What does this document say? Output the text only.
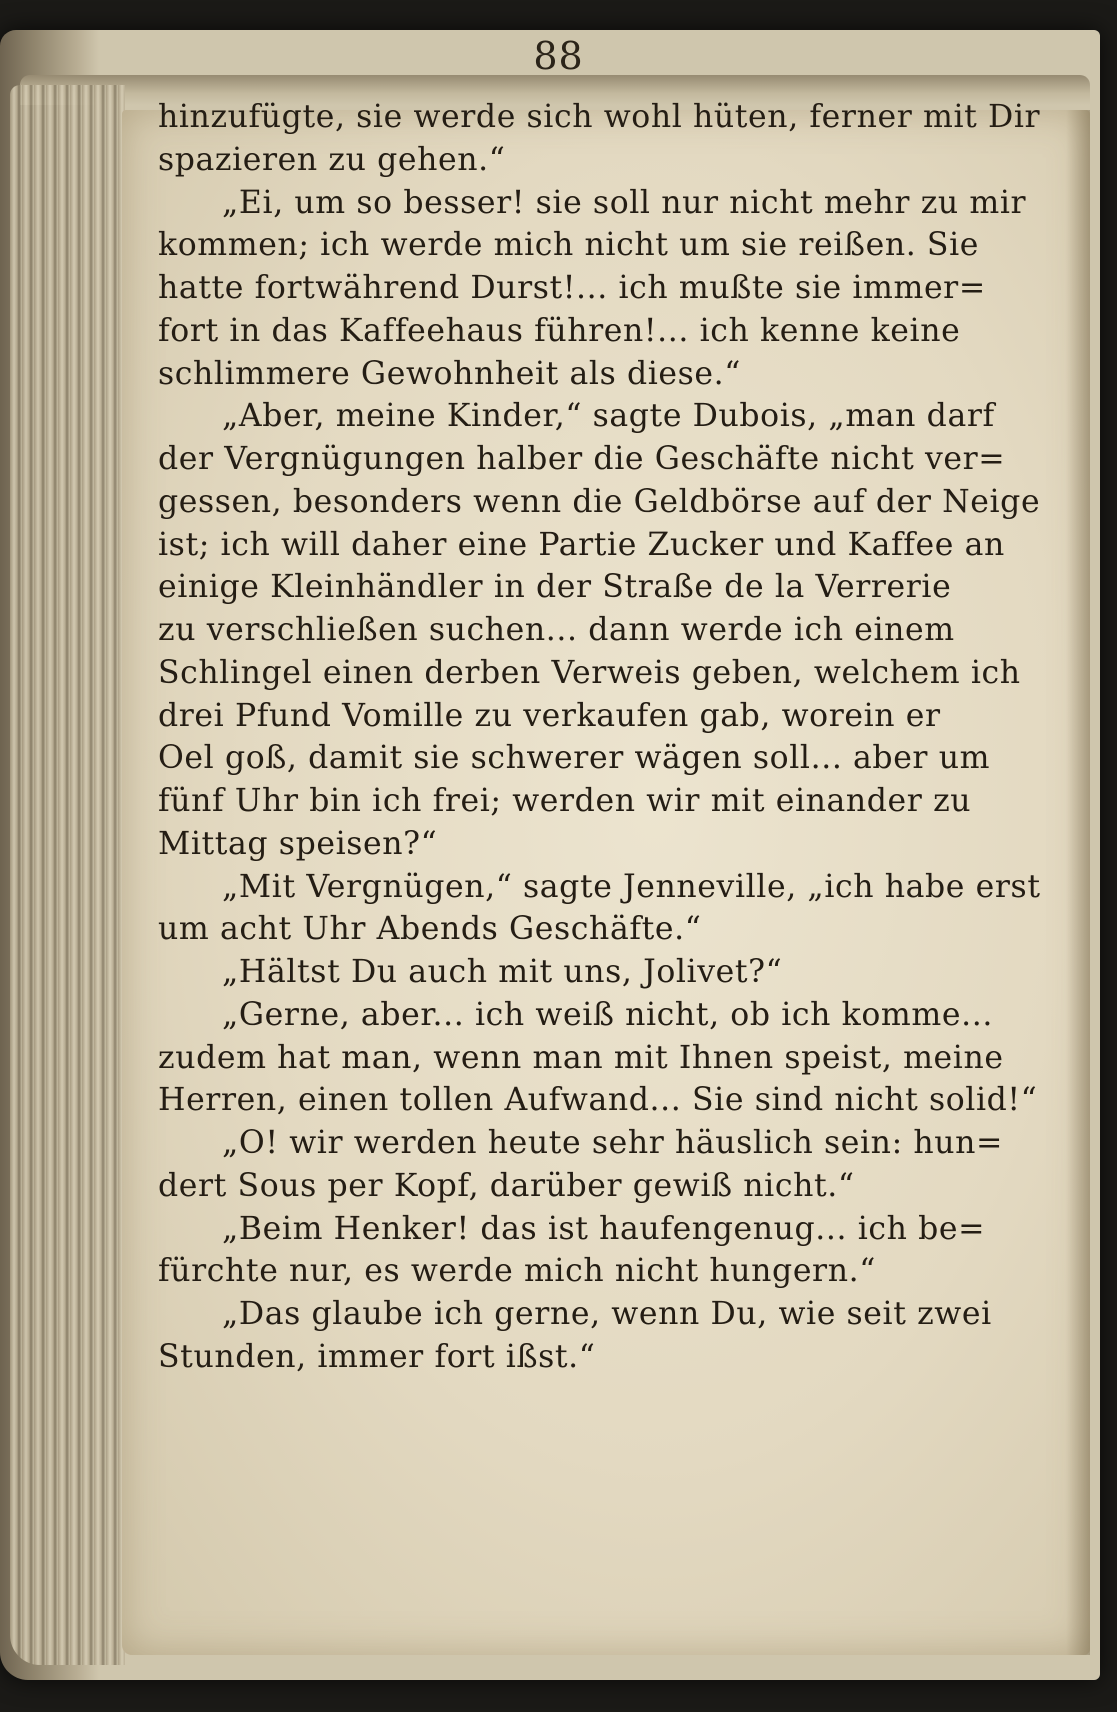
88
hinzufügte, sie werde sich wohl hüten, ferner mit Dir
spazieren zu gehen.“
„Ei, um so besser! sie soll nur nicht mehr zu mir
kommen; ich werde mich nicht um sie reißen. Sie
hatte fortwährend Durst!... ich mußte sie immer=
fort in das Kaffeehaus führen!... ich kenne keine
schlimmere Gewohnheit als diese.“
„Aber, meine Kinder,“ sagte Dubois, „man darf
der Vergnügungen halber die Geschäfte nicht ver=
gessen, besonders wenn die Geldbörse auf der Neige
ist; ich will daher eine Partie Zucker und Kaffee an
einige Kleinhändler in der Straße de la Verrerie
zu verschließen suchen... dann werde ich einem
Schlingel einen derben Verweis geben, welchem ich
drei Pfund Vomille zu verkaufen gab, worein er
Oel goß, damit sie schwerer wägen soll... aber um
fünf Uhr bin ich frei; werden wir mit einander zu
Mittag speisen?“
„Mit Vergnügen,“ sagte Jenneville, „ich habe erst
um acht Uhr Abends Geschäfte.“
„Hältst Du auch mit uns, Jolivet?“
„Gerne, aber... ich weiß nicht, ob ich komme...
zudem hat man, wenn man mit Ihnen speist, meine
Herren, einen tollen Aufwand... Sie sind nicht solid!“
„O! wir werden heute sehr häuslich sein: hun=
dert Sous per Kopf, darüber gewiß nicht.“
„Beim Henker! das ist haufengenug... ich be=
fürchte nur, es werde mich nicht hungern.“
„Das glaube ich gerne, wenn Du, wie seit zwei
Stunden, immer fort ißst.“
